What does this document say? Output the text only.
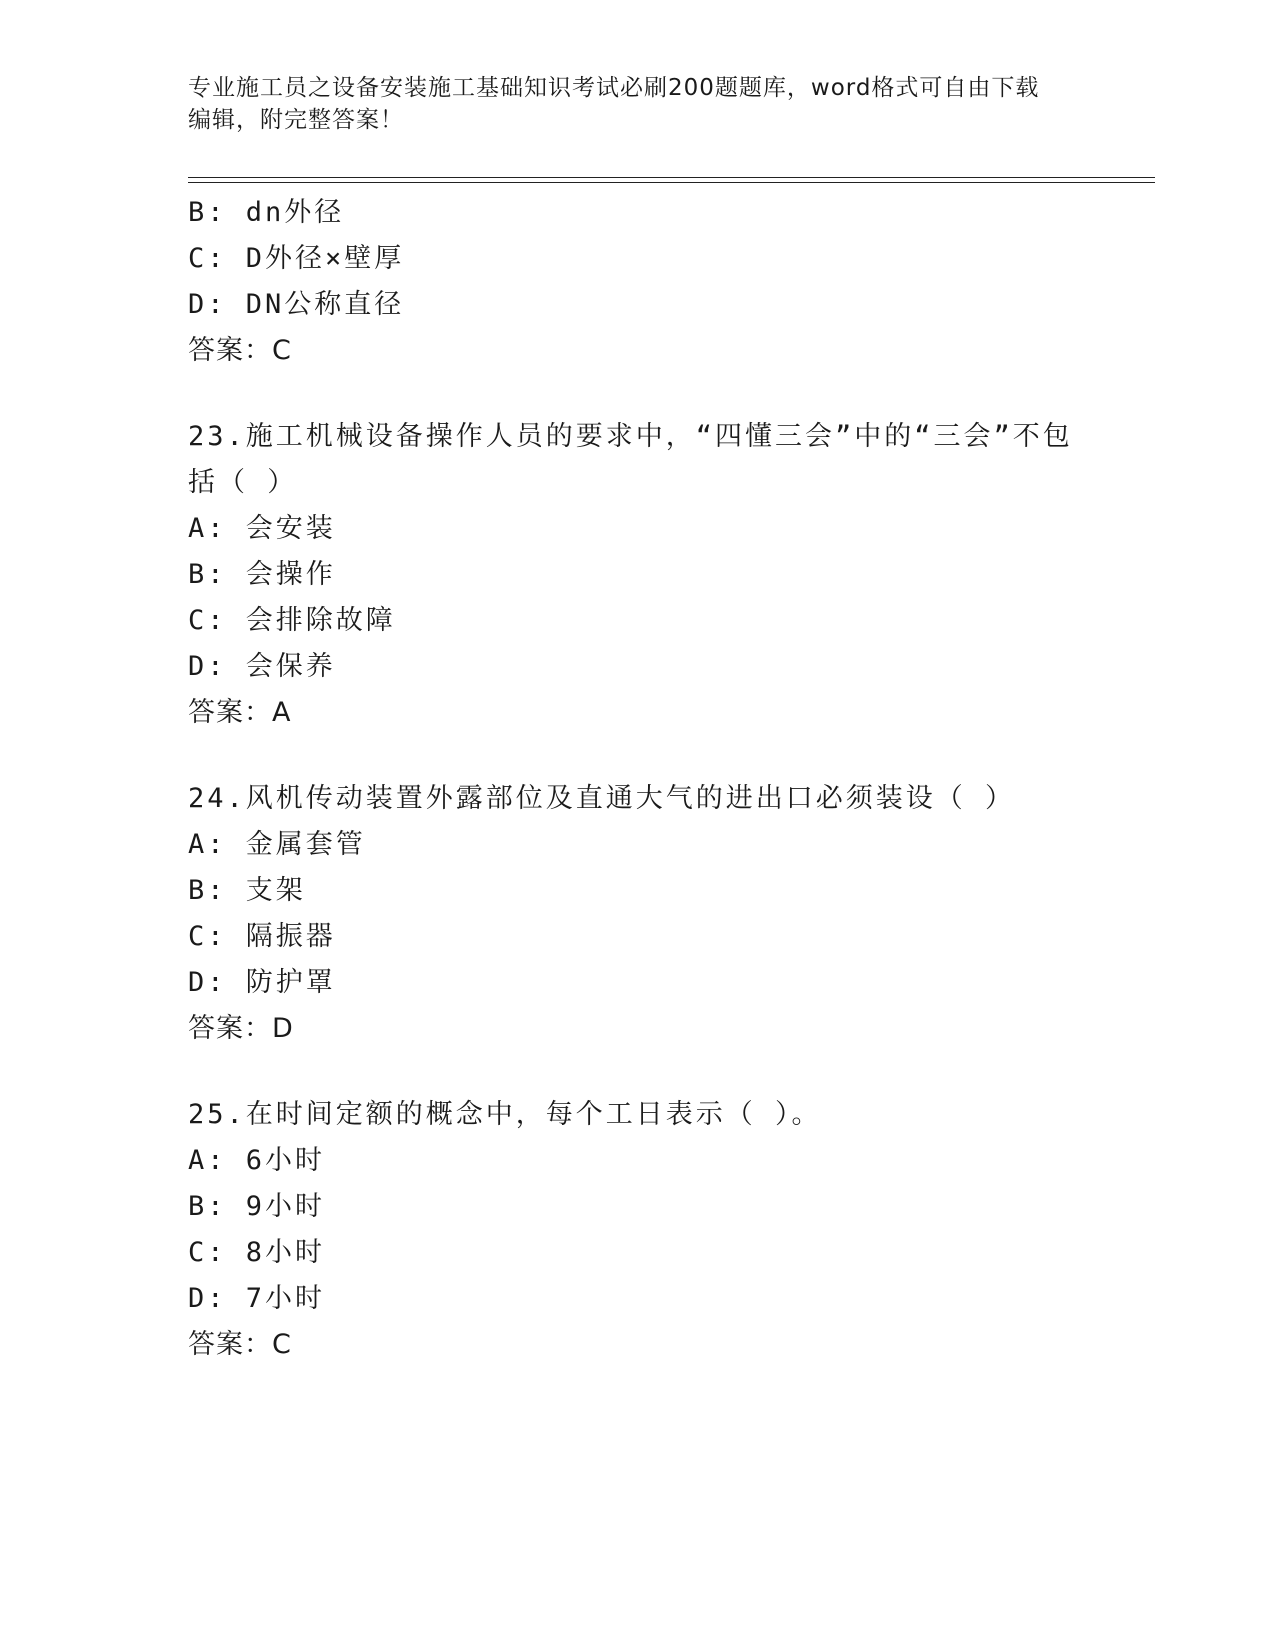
专业施工员之设备安装施工基础知识考试必刷200题题库，word格式可自由下载
编辑，附完整答案！
B: dn外径
C: D外径×壁厚
D: DN公称直径
答案：C
23.施工机械设备操作人员的要求中，“四懂三会”中的“三会”不包
括（ ）
A: 会安装
B: 会操作
C: 会排除故障
D: 会保养
答案：A
24.风机传动装置外露部位及直通大气的进出口必须装设（ ）
A: 金属套管
B: 支架
C: 隔振器
D: 防护罩
答案：D
25.在时间定额的概念中，每个工日表示（ ）。
A: 6小时
B: 9小时
C: 8小时
D: 7小时
答案：C
